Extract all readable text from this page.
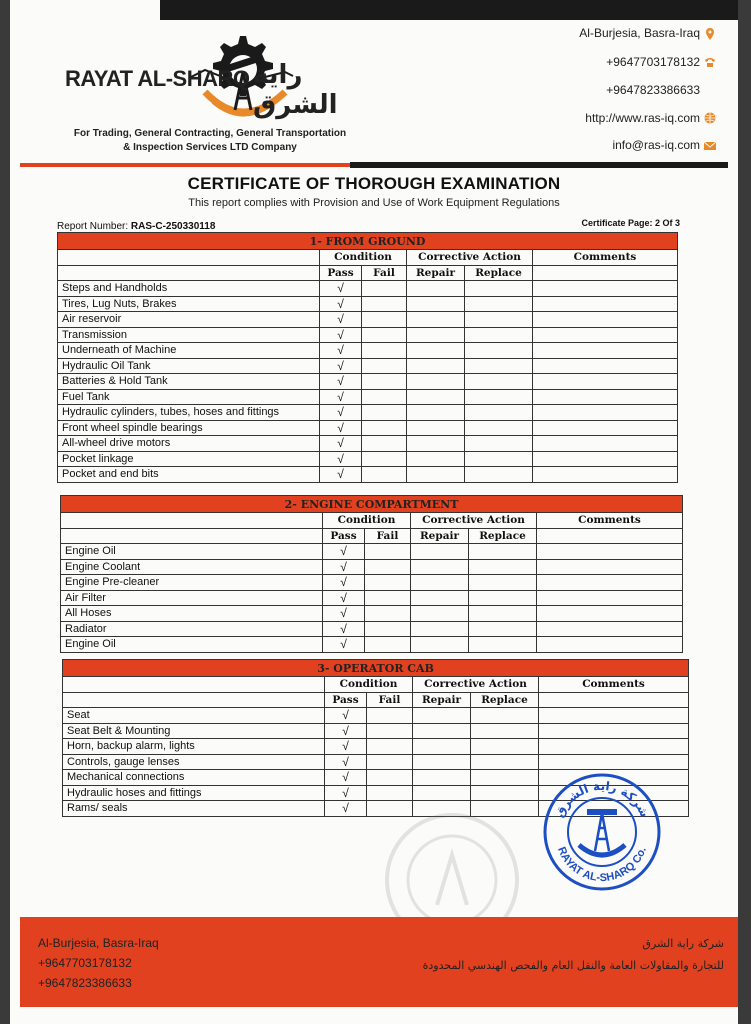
RAYAT AL-SHARQ راية الشرق
For Trading, General Contracting, General Transportation
& Inspection Services LTD Company
Al-Burjesia, Basra-Iraq
+9647703178132
+9647823386633
http://www.ras-iq.com
info@ras-iq.com
CERTIFICATE OF THOROUGH EXAMINATION
This report complies with Provision and Use of Work Equipment Regulations
Report Number: RAS-C-250330118	Certificate Page: 2 Of 3
1- FROM GROUND					
	Condition		Corrective Action		Comments
	Pass	Fail	Repair	Replace	
Steps and Handholds	√				
Tires, Lug Nuts, Brakes	√				
Air reservoir	√				
Transmission	√				
Underneath of Machine	√				
Hydraulic Oil Tank	√				
Batteries & Hold Tank	√				
Fuel Tank	√				
Hydraulic cylinders, tubes, hoses and fittings	√				
Front wheel spindle bearings	√				
All-wheel drive motors	√				
Pocket linkage	√				
Pocket and end bits	√				
2- ENGINE COMPARTMENT					
	Condition		Corrective Action		Comments
	Pass	Fail	Repair	Replace	
Engine Oil	√				
Engine Coolant	√				
Engine Pre-cleaner	√				
Air Filter	√				
All Hoses	√				
Radiator	√				
Engine Oil	√				
3- OPERATOR CAB					
	Condition		Corrective Action		Comments
	Pass	Fail	Repair	Replace	
Seat	√				
Seat Belt & Mounting	√				
Horn, backup alarm, lights	√				
Controls, gauge lenses	√				
Mechanical connections	√				
Hydraulic hoses and fittings	√				
Rams/ seals	√					شركة راية الشرق
RAYAT AL-SHARQ Co.
Al-Burjesia, Basra-Iraq
+9647703178132
+9647823386633
شركة راية الشرق
للتجارة والمقاولات العامة والنقل العام والفحص الهندسي المحدودة
